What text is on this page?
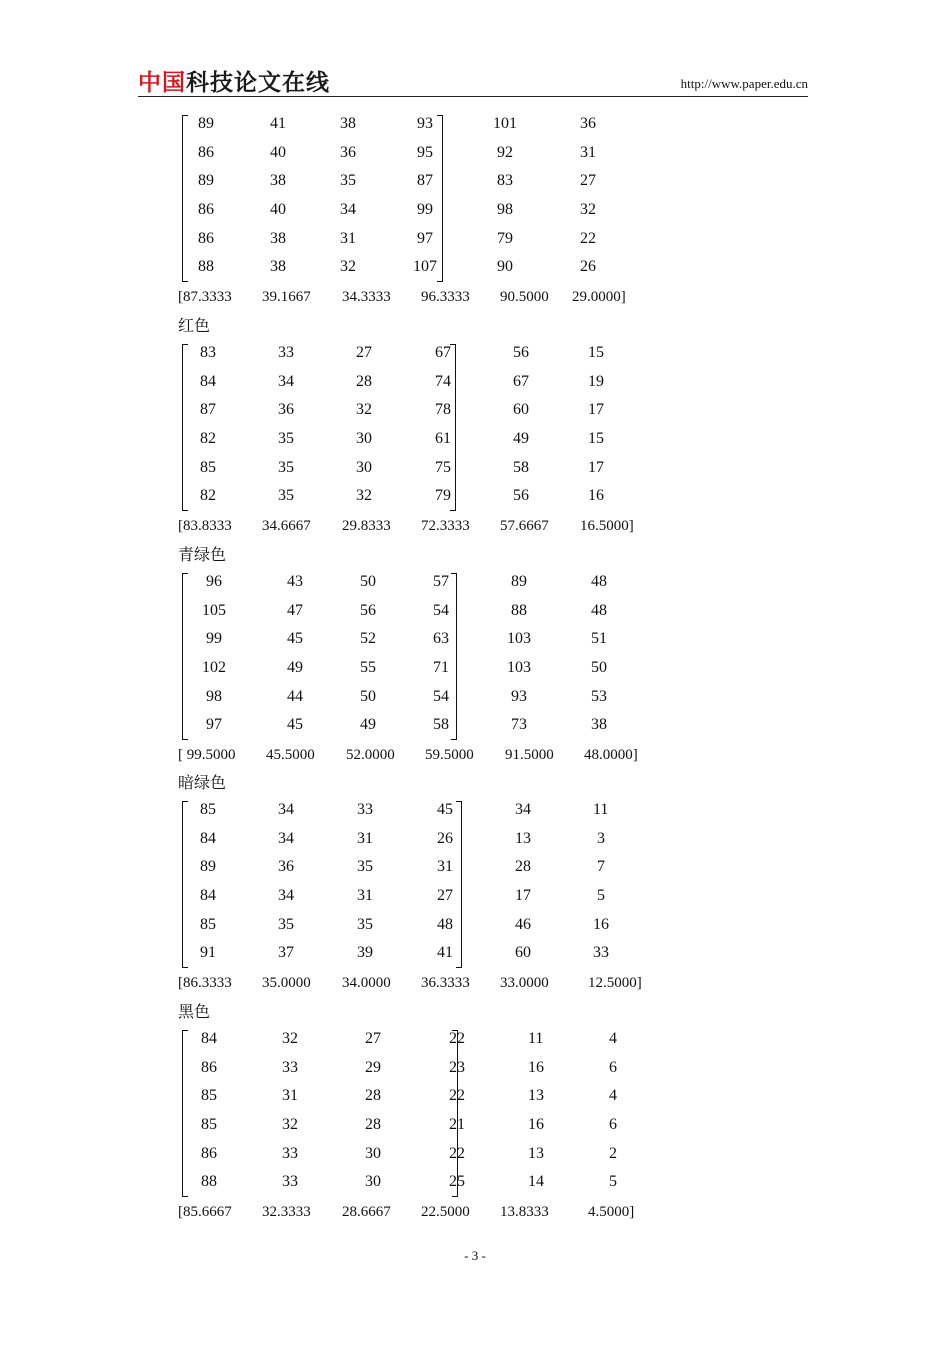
中国科技论文在线	http://www.paper.edu.cn
89	41	38	93	101	36
86	40	36	95	92	31
89	38	35	87	83	27
86	40	34	99	98	32
86	38	31	97	79	22
88	38	32	107	90	26
[87.3333 39.1667 34.3333 96.3333 90.5000 29.0000]
83	33	27	67	56	15
84	34	28	74	67	19
87	36	32	78	60	17
82	35	30	61	49	15
85	35	30	75	58	17
82	35	32	79	56	16
[83.8333 34.6667 29.8333 72.3333 57.6667 16.5000]
96	43	50	57	89	48
105	47	56	54	88	48
99	45	52	63	103	51
102	49	55	71	103	50
98	44	50	54	93	53
97	45	49	58	73	38
[ 99.5000 45.5000 52.0000 59.5000 91.5000 48.0000]
85	34	33	45	34	11
84	34	31	26	13	3
89	36	35	31	28	7
84	34	31	27	17	5
85	35	35	48	46	16
91	37	39	41	60	33
[86.3333 35.0000 34.0000 36.3333 33.0000	12.5000]
84	32	27	22	11	4
86	33	29	23	16	6
85	31	28	22	13	4
85	32	28	21	16	6
86	33	30	22	13	2
88	33	30	25	14	5
[85.6667 32.3333 28.6667 22.5000 13.8333	4.5000]
红色
青绿色
暗绿色
黑色
- 3 -
